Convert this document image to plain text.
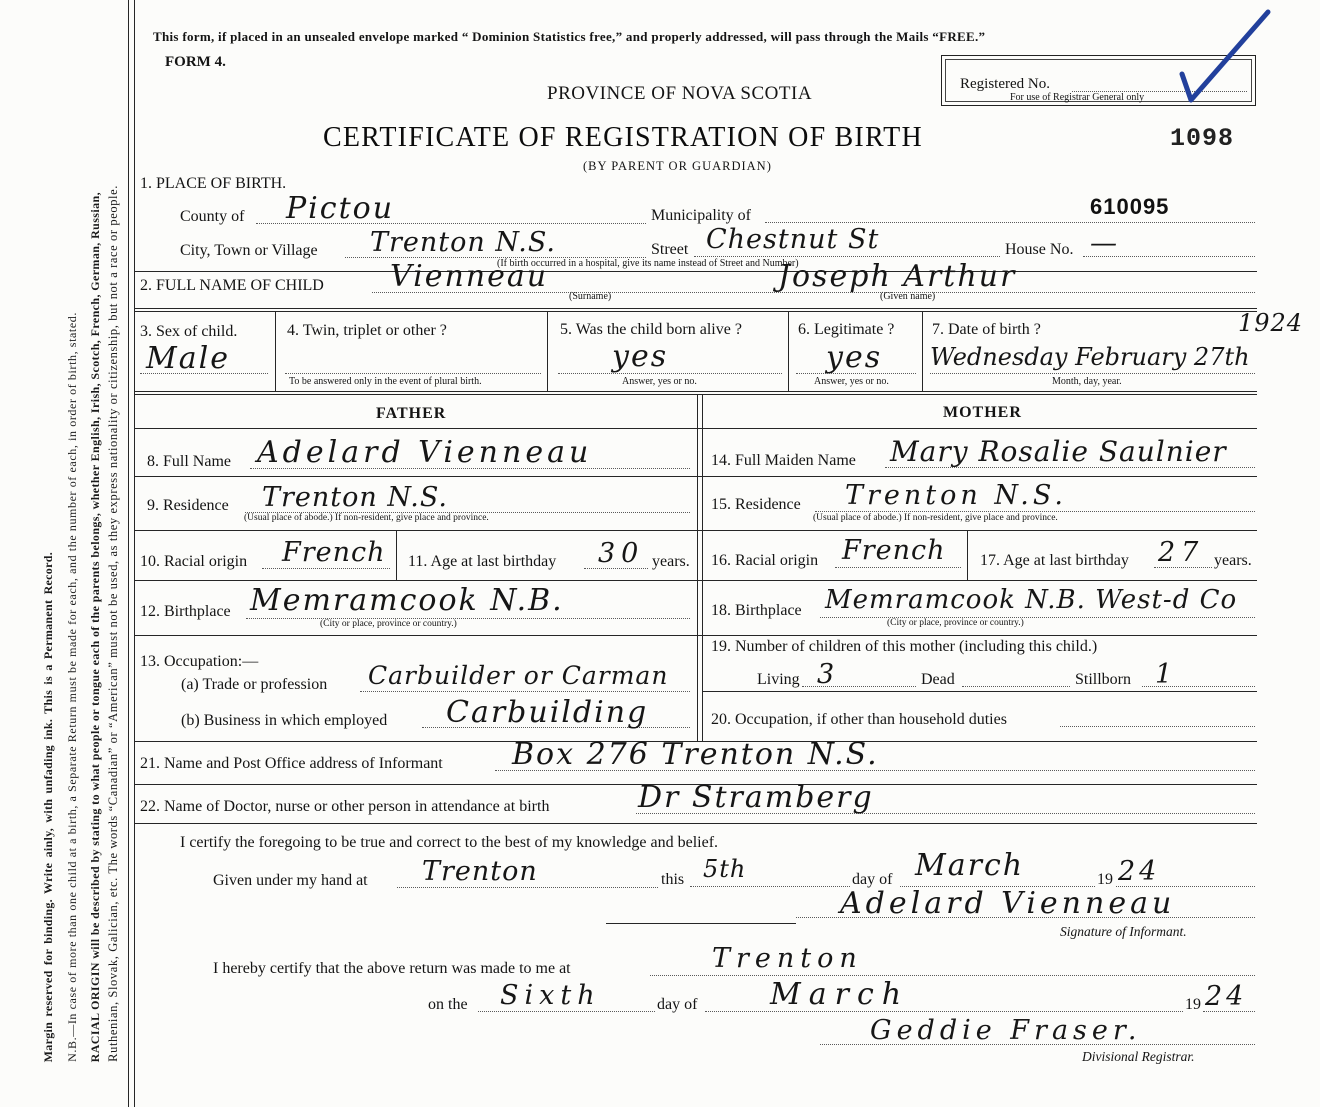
Margin reserved for binding. Write ainly, with unfading ink. This is a Permanent Record. N.B.—In case of more than one child at a birth, a Separate Return must be made for each, and the number of each, in order of birth, stated. RACIAL ORIGIN will be described by stating to what people or tongue each of the parents belongs, whether English, Irish, Scotch, French, German, Russian, Ruthenian, Slovak, Galician, etc. The words “Canadian” or “American” must not be used, as they express nationality or citizenship, but not a race or people.
This form, if placed in an unsealed envelope marked “ Dominion Statistics free,” and properly addressed, will pass through the Mails “FREE.”
FORM 4.
Registered No.
For use of Registrar General only
PROVINCE OF NOVA SCOTIA
CERTIFICATE OF REGISTRATION OF BIRTH	1098
(BY PARENT OR GUARDIAN)
1. PLACE OF BIRTH.
County of Pictou	Municipality of	610095
City, Town or Village Trenton N.S.	Street Chestnut St	House No. —
(If birth occurred in a hospital, give its name instead of Street and Number)
2. FULL NAME OF CHILD Vienneau
(Surname)
Joseph Arthur
(Given name)
3. Sex of child.
Male
4. Twin, triplet or other ?
To be answered only in the event of plural birth.
5. Was the child born alive ?
yes
Answer, yes or no.
6. Legitimate ?
yes
Answer, yes or no.
7. Date of birth ?	1924
Wednesday February 27th
Month, day, year.
FATHER	MOTHER
8. Full Name Adelard Vienneau	14. Full Maiden Name Mary Rosalie Saulnier
9. Residence Trenton N.S.
(Usual place of abode.) If non-resident, give place and province.
15. Residence Trenton N.S.
(Usual place of abode.) If non-resident, give place and province.
10. Racial origin French 11. Age at last birthday 30 years. 16. Racial origin French 17. Age at last birthday 27 years.
12. Birthplace Memramcook N.B.
(City or place, province or country.)
18. Birthplace Memramcook N.B. West-d Co
(City or place, province or country.)
13. Occupation:—
(a) Trade or profession Carbuilder or Carman
(b) Business in which employed Carbuilding
19. Number of children of this mother (including this child.)
Living 3	Dead	Stillborn 1
20. Occupation, if other than household duties
21. Name and Post Office address of Informant Box 276 Trenton N.S.
22. Name of Doctor, nurse or other person in attendance at birth	Dr Stramberg
I certify the foregoing to be true and correct to the best of my knowledge and belief.
Given under my hand at Trenton	this 5th	day of March	19 24
Adelard Vienneau
Signature of Informant.
I hereby certify that the above return was made to me at	Trenton
on the Sixth	day of March	19 24
Geddie Fraser.
Divisional Registrar.
